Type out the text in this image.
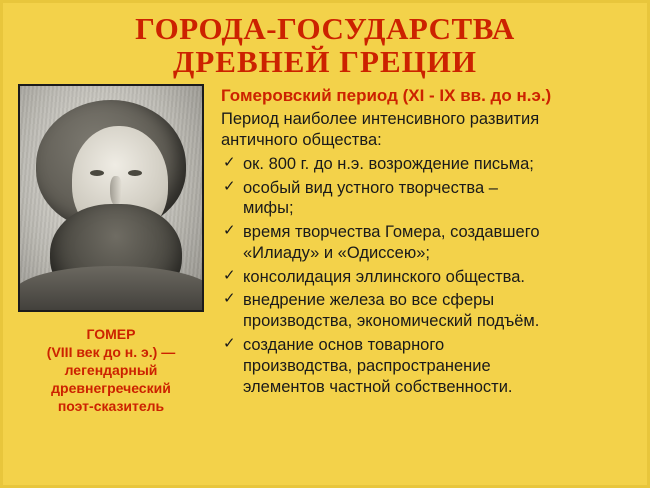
ГОРОДА-ГОСУДАРСТВА
ДРЕВНЕЙ ГРЕЦИИ
ГОМЕР
(VIII век до н. э.) —
легендарный
древнегреческий
поэт-сказитель
Гомеровский период (XI - IX вв. до н.э.)
Период наиболее интенсивного развития
античного общества:
✓ ок. 800 г. до н.э. возрождение письма;
✓ особый вид устного творчества –
мифы;
✓ время творчества Гомера, создавшего
«Илиаду» и «Одиссею»;
✓ консолидация эллинского общества.
✓ внедрение железа во все сферы
производства, экономический подъём.
✓ создание основ товарного
производства, распространение
элементов частной собственности.
